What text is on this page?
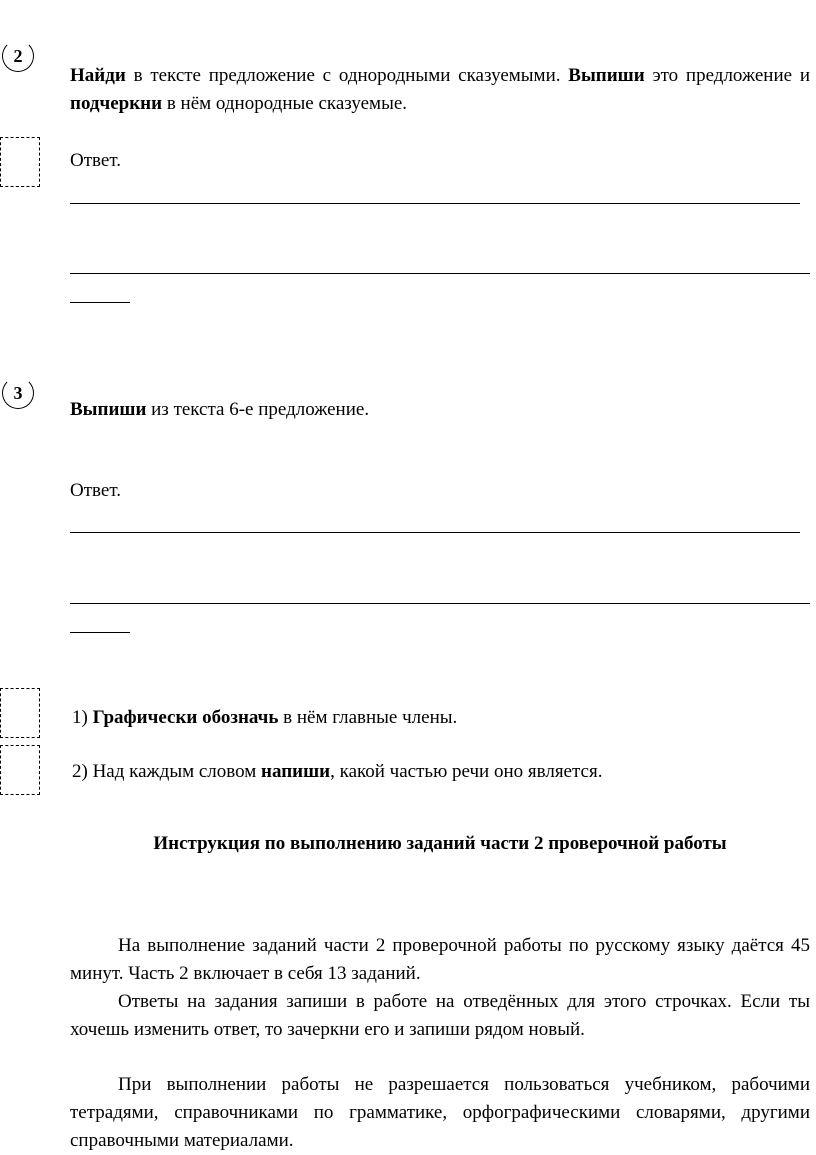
2
Найди в тексте предложение с однородными сказуемыми. Выпиши это предложение и подчеркни в нём однородные сказуемые.
Ответ.
3
Выпиши из текста 6-е предложение.
Ответ.
1) Графически обозначь в нём главные члены.
2) Над каждым словом напиши, какой частью речи оно является.
Инструкция по выполнению заданий части 2 проверочной работы
На выполнение заданий части 2 проверочной работы по русскому языку даётся 45 минут. Часть 2 включает в себя 13 заданий.
Ответы на задания запиши в работе на отведённых для этого строчках. Если ты хочешь изменить ответ, то зачеркни его и запиши рядом новый.
При выполнении работы не разрешается пользоваться учебником, рабочими тетрадями, справочниками по грамматике, орфографическими словарями, другими справочными материалами.
